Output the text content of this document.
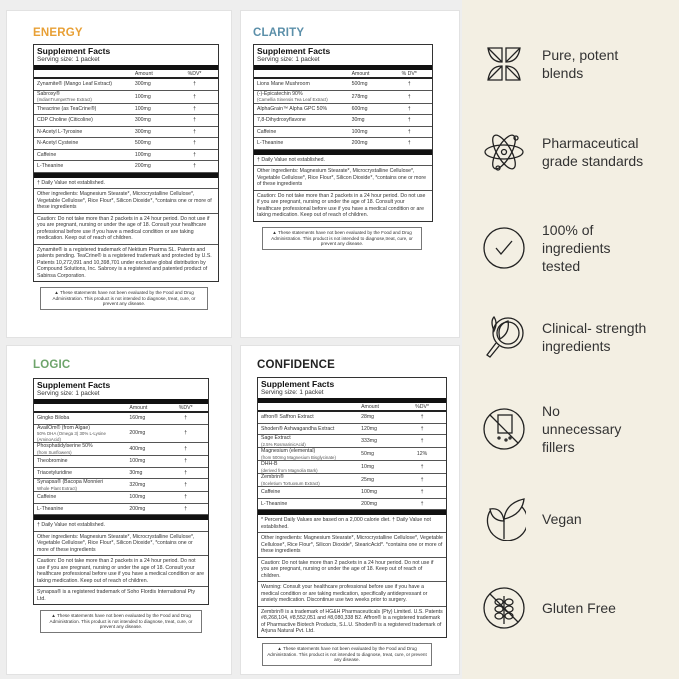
ENERGY
Supplement Facts
Serving size: 1 packet
Amount	%DV*
Zynamite® (Mango Leaf Extract)	300mg	†
Sabroxy®
(IndianTrumpetTree Extract)
100mg	†
Theacrine (as TeaCrine®)	100mg	†
CDP Choline (Citicoline)	300mg	†
N-Acetyl L-Tyrosine	300mg	†
N-Acetyl Cysteine	500mg	†
Caffeine	100mg	†
L-Theanine	200mg	†
† Daily Value not established.
Other ingredients: Magnesium Stearate*, Microcrystalline Cellulose*, Vegetable Cellulose*, Rice Flour*, Silicon Dioxide*, *contains one or more of these ingredients
Caution: Do not take more than 2 packets in a 24 hour period. Do not use if you are pregnant, nursing or under the age of 18. Consult your healthcare professional before use if you have a medical condition or are taking medication. Keep out of reach of children.
Zynamite® is a registered trademark of Nektium Pharma SL. Patents and patents pending. TeaCrine® is a registered trademark and protected by U.S. Patents 10,272,091 and 10,398,701 under exclusive global distribution by Compound Solutions, Inc. Sabroxy is a registered and patented product of Sabinsa Corporation.
▲ These statements have not been evaluated by the Food and Drug Administration. This product is not intended to diagnose, treat, cure, or prevent any disease.
CLARITY
Supplement Facts
Serving size: 1 packet
Amount	% DV*
Lions Mane Mushroom	500mg	†
(-)-Epicatechin 90%
(Camellia Sinensis Tea Leaf Extract)
278mg	†
AlphaGrain™ Alpha GPC 50%	600mg	†
7,8-Dihydroxyflavone	30mg	†
Caffeine	100mg	†
L-Theanine	200mg	†
† Daily Value not established.
Other ingredients: Magnesium Stearate*, Microcrystalline Cellulose*, Vegetable Cellulose*, Rice Flour*, Silicon Dioxide*, *contains one or more of these ingredients
Caution: Do not take more than 2 packets in a 24 hour period. Do not use if you are pregnant, nursing or under the age of 18. Consult your healthcare professional before use if you have a medical condition or are taking medication. Keep out of reach of children.
▲ These statements have not been evaluated by the Food and Drug Administration. This product is not intended to diagnose,treat, cure, or prevent any disease.
LOGIC
Supplement Facts
Serving size: 1 packet
Amount	%DV*
Gingko Biloba	160mg	†
AvailOm® (from Algae)
50% DHA (Omega 3) 30% L-Lysine (AminoAcid)
200mg	†
Phosphatidylserine 50%
(from Sunflowers)
400mg	†
Theobromine	100mg	†
Triacetyluridine	30mg	†
Synapsa® (Bacopa Monnieri
Whole Plant Extract)
320mg	†
Caffeine	100mg	†
L-Theanine	200mg	†
† Daily Value not established.
Other ingredients: Magnesium Stearate*, Microcrystalline Cellulose*, Vegetable Cellulose*, Rice Flour*, Silicon Dioxide*, *contains one or more of these ingredients
Caution: Do not take more than 2 packets in a 24 hour period. Do not use if you are pregnant, nursing or under the age of 18. Consult your healthcare professional before use if you have a medical condition or are taking medication. Keep out of reach of children.
Synapsa® is a registered trademark of Soho Flordis International Pty Ltd.
▲ These statements have not been evaluated by the Food and Drug Administration. This product is not intended to diagnose, treat, cure, or prevent any disease.
CONFIDENCE
Supplement Facts
Serving size: 1 packet
Amount	%DV*
affron® Saffron Extract	28mg	†
Shoden® Ashwagandha Extract	120mg	†
Sage Extract
(2.5% RosmarinicAcid)
333mg	†
Magnesium (elemental)
(from 500mg Magnesium Bisglycinate)
50mg	12%
DHH-B
(derived from Magnolia Bark)
10mg	†
Zembrin®
(Sceletium Tortuosum Extract)
25mg	†
Caffeine	100mg	†
L-Theanine	200mg	†
* Percent Daily Values are based on a 2,000 calorie diet. † Daily Value not established.
Other ingredients: Magnesium Stearate*, Microcrystalline Cellulose*, Vegetable Cellulose*, Rice Flour*, Silicon Dioxide*, StearicAcid*. *contains one or more of these ingredients
Caution: Do not take more than 2 packets in a 24 hour period. Do not use if you are pregnant, nursing or under the age of 18. Keep out of reach of children.
Warning: Consult your healthcare professional before use if you have a medical condition or are taking medication, specifically antidepressant or anxiety medication. Discontinue use two weeks prior to surgery.
Zembrin® is a trademark of HG&H Pharmaceuticals (Pty) Limited. U.S. Patents #8,268,104, #8,552,051 and #8,080,338 B2. Affron® is a registered trademark of Pharmactive Biotech Products, S.L.U. Shoden® is a registered trademark of Arjuna Natural Pvt. Ltd.
▲ These statements have not been evaluated by the Food and Drug Administration. This product is not intended to diagnose, treat, cure, or prevent any disease.
Pure, potent
blends
Pharmaceutical
grade standards
100% of
ingredients
tested
Clinical- strength
ingredients
No
unnecessary
fillers
Vegan
Gluten Free
